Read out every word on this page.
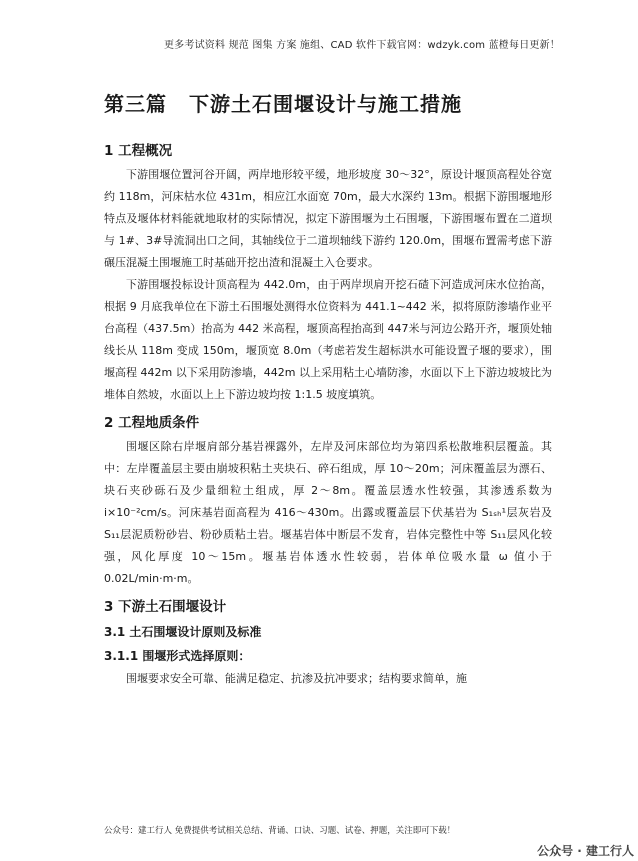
更多考试资料 规范 图集 方案 施组、CAD 软件下载官网：wdzyk.com 蓝橙每日更新！
第三篇 下游土石围堰设计与施工措施
1 工程概况

下游围堰位置河谷开阔，两岸地形较平缓，地形坡度 30～32°，原设计堰顶高程处谷宽约 118m，河床枯水位 431m，相应江水面宽 70m，最大水深约 13m。根据下游围堰地形特点及堰体材料能就地取材的实际情况，拟定下游围堰为土石围堰，下游围堰布置在二道坝与 1#、3#导流洞出口之间，其轴线位于二道坝轴线下游约 120.0m，围堰布置需考虑下游碾压混凝土围堰施工时基础开挖出渣和混凝土入仓要求。

下游围堰投标设计顶高程为 442.0m，由于两岸坝肩开挖石碴下河造成河床水位抬高，根据 9 月底我单位在下游土石围堰处测得水位资料为 441.1~442 米，拟将原防渗墙作业平台高程（437.5m）抬高为 442 米高程，堰顶高程抬高到 447米与河边公路开齐，堰顶处轴线长从 118m 变成 150m，堰顶宽 8.0m（考虑若发生超标洪水可能设置子堰的要求），围堰高程 442m 以下采用防渗墙，442m 以上采用粘土心墙防渗，水面以下上下游边坡坡比为堆体自然坡，水面以上上下游边坡均按 1:1.5 坡度填筑。

2 工程地质条件

围堰区除右岸堰肩部分基岩裸露外，左岸及河床部位均为第四系松散堆积层覆盖。其中：左岸覆盖层主要由崩坡积粘土夹块石、碎石组成，厚 10～20m；河床覆盖层为漂石、块石夹砂砾石及少量细粒土组成，厚 2～8m。覆盖层透水性较强，其渗透系数为 i×10⁻²cm/s。河床基岩面高程为 416～430m。出露或覆盖层下伏基岩为 S₁ₛₕ¹层灰岩及 S₁₁层泥质粉砂岩、粉砂质粘土岩。堰基岩体中断层不发育，岩体完整性中等 S₁₁层风化较强，风化厚度 10～15m。堰基岩体透水性较弱，岩体单位吸水量 ω 值小于 0.02L/min·m·m。

3 下游土石围堰设计
3.1 土石围堰设计原则及标准
3.1.1 围堰形式选择原则：

围堰要求安全可靠、能满足稳定、抗渗及抗冲要求；结构要求简单，施

公众号：建工行人 免费提供考试相关总结、背诵、口诀、习题、试卷、押题，关注即可下载！
公众号 · 建工行人
